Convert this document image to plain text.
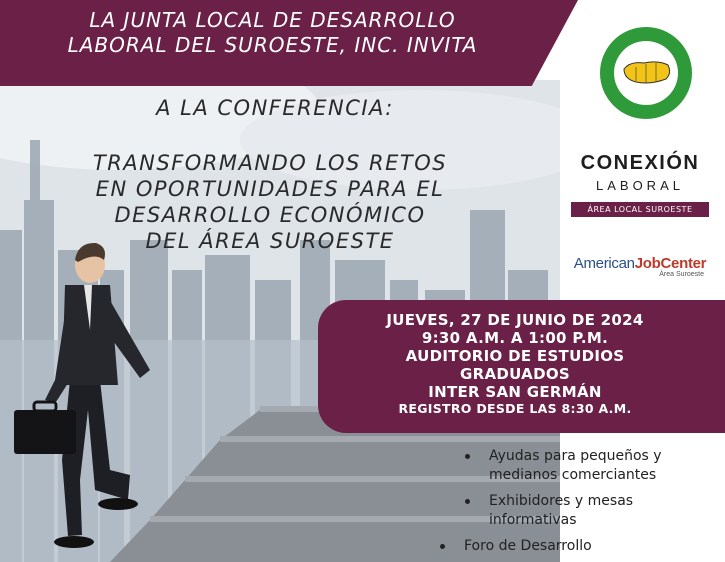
LA JUNTA LOCAL DE DESARROLLO
LABORAL DEL SUROESTE, INC. INVITA
A LA CONFERENCIA:
TRANSFORMANDO LOS RETOS
EN OPORTUNIDADES PARA EL
DESARROLLO ECONÓMICO
DEL ÁREA SUROESTE
CONEXIÓN
LABORAL
ÁREA LOCAL SUROESTE
AmericanJobCenter
Área Suroeste
JUEVES, 27 DE JUNIO DE 2024
9:30 A.M. A 1:00 P.M.
AUDITORIO DE ESTUDIOS
GRADUADOS
INTER SAN GERMÁN
REGISTRO DESDE LAS 8:30 A.M.
Ayudas para pequeños y
medianos comerciantes
Exhibidores y mesas
informativas
Foro de Desarrollo
